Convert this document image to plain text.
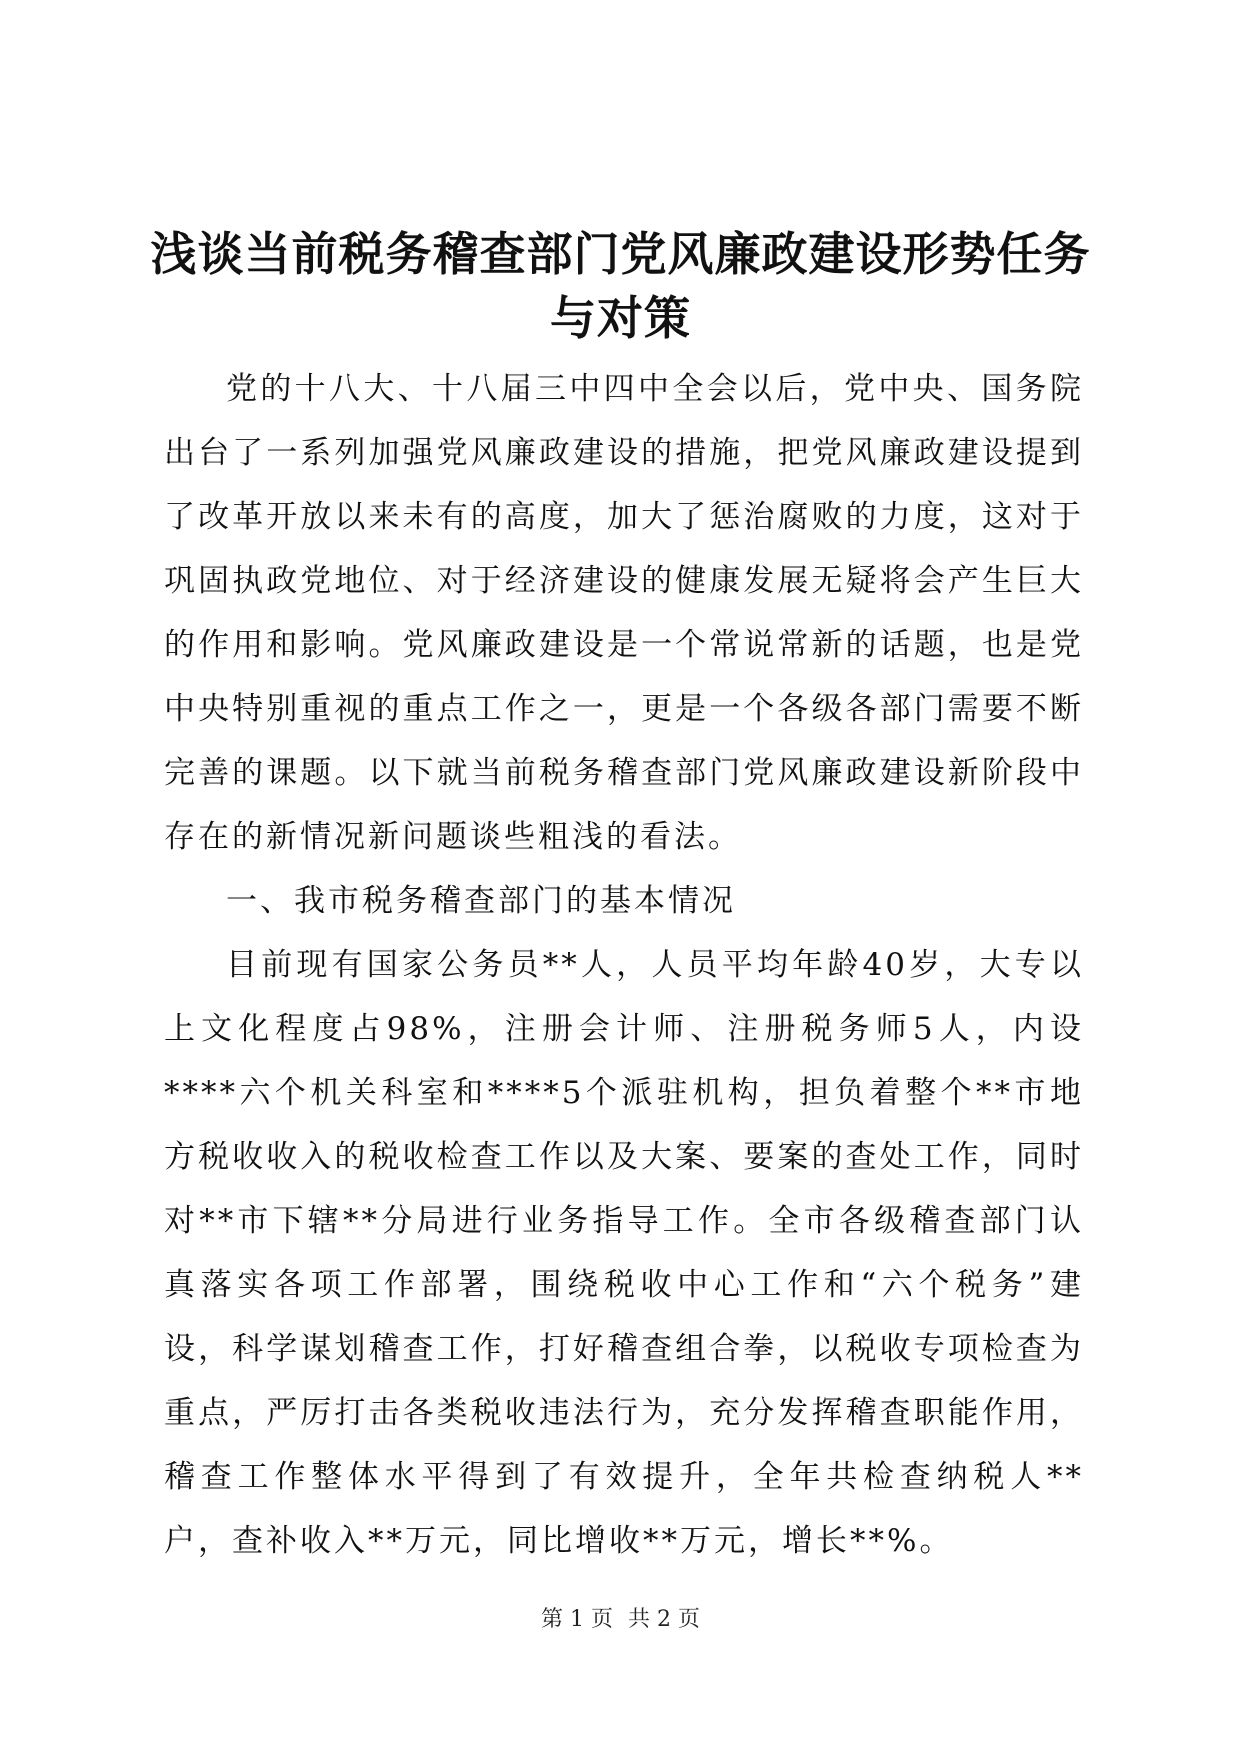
浅谈当前税务稽查部门党风廉政建设形势任务
与对策

党的十八大、十八届三中四中全会以后，党中央、国务院出台了一系列加强党风廉政建设的措施，把党风廉政建设提到了改革开放以来未有的高度，加大了惩治腐败的力度，这对于巩固执政党地位、对于经济建设的健康发展无疑将会产生巨大的作用和影响。党风廉政建设是一个常说常新的话题，也是党中央特别重视的重点工作之一，更是一个各级各部门需要不断完善的课题。以下就当前税务稽查部门党风廉政建设新阶段中存在的新情况新问题谈些粗浅的看法。

一、我市税务稽查部门的基本情况

目前现有国家公务员**人，人员平均年龄40岁，大专以上文化程度占98%，注册会计师、注册税务师5人，内设****六个机关科室和****5个派驻机构，担负着整个**市地方税收收入的税收检查工作以及大案、要案的查处工作，同时对**市下辖**分局进行业务指导工作。全市各级稽查部门认真落实各项工作部署，围绕税收中心工作和“六个税务”建设，科学谋划稽查工作，打好稽查组合拳，以税收专项检查为重点，严厉打击各类税收违法行为，充分发挥稽查职能作用，稽查工作整体水平得到了有效提升，全年共检查纳税人**户，查补收入**万元，同比增收**万元，增长**%。

第 1 页 共 2 页
